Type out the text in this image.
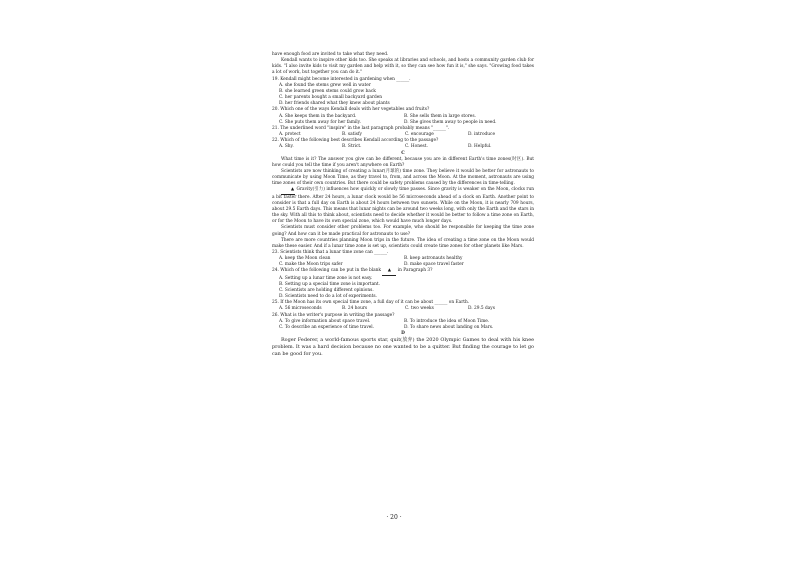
have enough food are invited to take what they need.

Kendall wants to inspire other kids too. She speaks at libraries and schools, and hosts a community garden club for kids. "I also invite kids to visit my garden and help with it, so they can see how fun it is," she says. "Growing food takes a lot of work, but together you can do it."

19. Kendall might become interested in gardening when ______.

A. she found the stems grew well in water
B. she learned green stems could grow back
C. her parents bought a small backyard garden
D. her friends shared what they knew about plants

20. Which one of the ways Kendall deals with her vegetables and fruits?

A. She keeps them in the backyard.	B. She sells them in large stores.
C. She puts them away for her family.	D. She gives them away to people in need.

21. The underlined word "inspire" in the last paragraph probably means "______".

A. protect	B. satisfy	C. encourage	D. introduce

22. Which of the following best describes Kendall according to the passage?

A. Shy.	B. Strict.	C. Honest.	D. Helpful.

C

What time is it? The answer you give can be different, because you are in different Earth's time zones(时区). But how could you tell the time if you aren't anywhere on Earth?

Scientists are now thinking of creating a lunar(月球的) time zone. They believe it would be better for astronauts to communicate by using Moon Time, as they travel to, from, and across the Moon. At the moment, astronauts are using time zones of their own countries. But there could be safety problems caused by the differences in time-telling.

▲ Gravity(引力) influences how quickly or slowly time passes. Since gravity is weaker on the Moon, clocks run a bit faster there. After 24 hours, a lunar clock would be 56 microseconds ahead of a clock on Earth. Another point to consider is that a full day on Earth is about 24 hours between two sunsets. While on the Moon, it is nearly 709 hours, about 29.5 Earth days. This means that lunar nights can be around two weeks long, with only the Earth and the stars in the sky. With all this to think about, scientists need to decide whether it would be better to follow a time zone on Earth, or for the Moon to have its own special zone, which would have much longer days.

Scientists must consider other problems too. For example, who should be responsible for keeping the time zone going? And how can it be made practical for astronauts to use?

There are more countries planning Moon trips in the future. The idea of creating a time zone on the Moon would make these easier. And if a lunar time zone is set up, scientists could create time zones for other planets like Mars.

23. Scientists think that a lunar time zone can ______.

A. keep the Moon clean	B. keep astronauts healthy
C. make the Moon trips safer	D. make space travel faster

24. Which of the following can be put in the blank ▲ in Paragraph 3?

A. Setting up a lunar time zone is not easy.
B. Setting up a special time zone is important.
C. Scientists are holding different opinions.
D. Scientists need to do a lot of experiments.

25. If the Moon has its own special time zone, a full day of it can be about ______ on Earth.

A. 56 microseconds	B. 24 hours	C. two weeks	D. 29.5 days

26. What is the writer's purpose in writing the passage?

A. To give information about space travel.	B. To introduce the idea of Moon Time.
C. To describe an experience of time travel.	D. To share news about landing on Mars.

D

Roger Federer, a world-famous sports star, quit(放弃) the 2020 Olympic Games to deal with his knee problem. It was a hard decision because no one wanted to be a quitter. But finding the courage to let go can be good for you.

· 20 ·
